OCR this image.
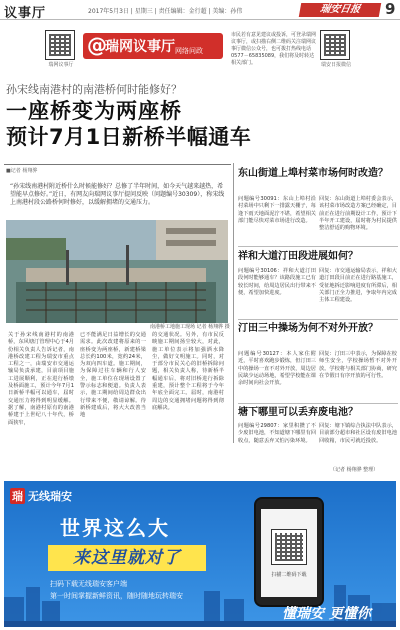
议事厅	2017年5月3日 | 星期三 | 责任编辑：金行超 | 美编：孙伟	瑞安日报	9
瑞网议事厅
@
瑞网议事厅 网络问政
市民若有意见建议或投诉，可登录瑞网议事厅，或扫描右侧二维码关注瑞网议事厅微信公众号，也可拨打热线电话0577－65835089，我们将及时转达相关部门。	瑞安日报微信
孙宋线南港村的南港桥何时能修好？
一座桥变为两座桥
预计7月1日新桥半幅通车
■记者 杨翔骅
“孙宋线南港村附近桥什么时候能修好？总修了半年时间，如今天气越来越热，希望能早点修好。”近日，有网友向瑞网议事厅提问反映（问题编号30309），称宋线上南港村段公路桥何时修好，以缓解拥堵的交通压力。
南港桥工地施工现场 记者 杨翔骅 摄
关于孙宋线南港村的南港桥，东风塘汀管理中心于4月份相关负责人告诉记者，南港桥改建工程为瑞安市重点工程之一，由瑞安市交通运输局负责承建，目前项目施工进展顺利，正在进行桥墩及桥面施工，预计今年7月1日新桥半幅可以通车，届时交通压力将得到明显缓解。据了解，南港村原有的南港桥建于上世纪八十年代，桥面狭窄，
已不能满足日益增长的交通需求。此次改建将原来的一座桥变为两座桥，新建桥梁总长约100米，宽约24米，为双向四车道。施工期间，为保障过往车辆和行人安全，施工单位在现场设置了警示标志和便道。负责人表示，施工期间给周边群众出行带来不便，敬请谅解。待新桥建成后，将大大改善当地
的交通状况。另外，有市民反映施工期间扬尘较大，对此，施工单位表示将加强洒水降尘，做好文明施工。同时，对于部分市民关心的旧桥拆除问题，相关负责人称，待新桥半幅通车后，将对旧桥进行拆除重建，预计整个工程将于今年年底全面完工。届时，南港村周边的交通拥堵问题将得到彻底解决。
东山街道上埠村菜市场何时改造？
问题编号30091：东山上埠村沿村菜场中只剩下一排露天棚子，每逢下雨天地面泥泞不堪，希望相关部门能尽快对菜市场进行改造。
回复：东山街道上埠村委会表示，该村菜市场改造方案已经确定，目前正在进行前期设计工作，预计下半年开工建设，届时将为村民提供整洁舒适的购物环境。
祥和大道汀田段进展如何？
问题编号30106：祥和大道汀田段何时能够通车？该路段施工已有较长时间，给周边居民出行带来不便，希望加快进度。
回复：市交通运输局表示，祥和大道汀田段目前正在进行路基施工，受征地拆迁影响进度有所滞后，相关部门正全力推进，争取年内完成主体工程建设。
汀田三中操场为何不对外开放？
问题编号30127：本人家住附近，平时喜欢跑步锻炼，但汀田三中的操场一直不对外开放，周边居民缺少运动场地，希望学校能在课余时间向社会开放。
回复：汀田三中表示，为保障在校师生安全，学校操场暂不对外开放。学校将与相关部门协商，研究在节假日有序开放的可行性。
塘下哪里可以丢弃废电池？
问题编号29807：家里积攒了不少废旧电池，不知道塘下哪里有回收点，随意丢弃又怕污染环境。
回复：塘下镇综合执法中队表示，目前部分超市和社区设有废旧电池回收箱，市民可就近投放。
（记者 杨翔骅 整理）
瑞 无线瑞安
世界这么大
来这里就对了
扫码下载无线瑞安客户端
第一时间掌握新鲜资讯，随时随地玩转瑞安
扫描二维码下载
懂瑞安 更懂你
